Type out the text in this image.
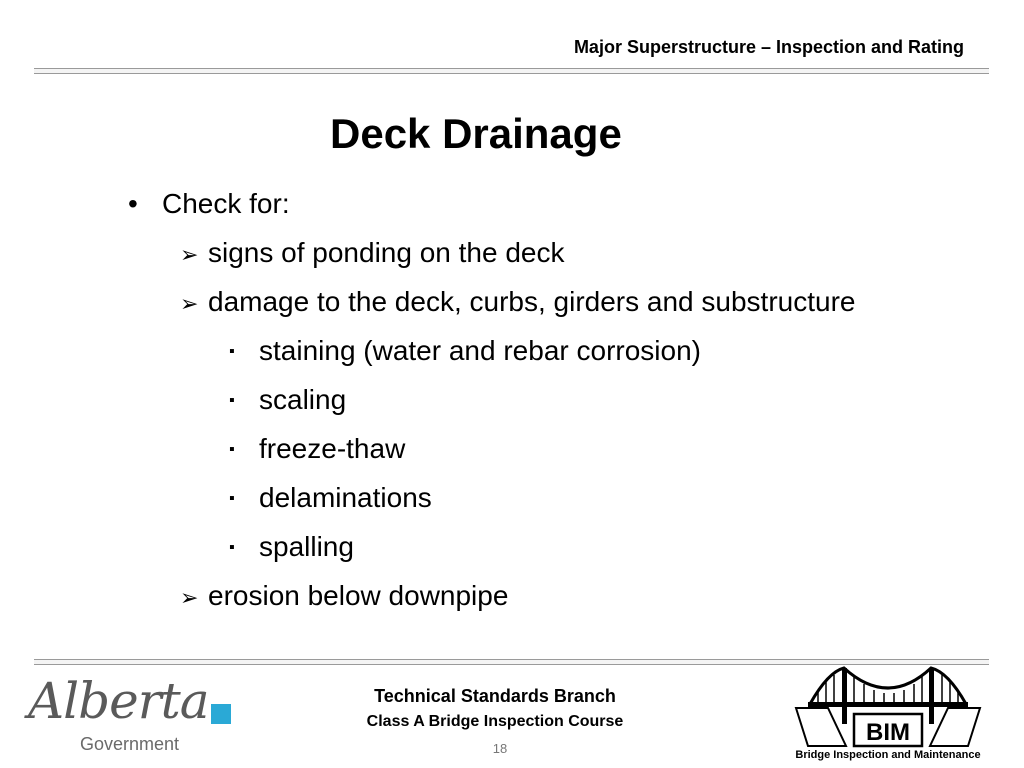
Major Superstructure – Inspection and Rating
Deck Drainage
• Check for:
➢ signs of ponding on the deck
➢ damage to the deck, curbs, girders and substructure
▪ staining (water and rebar corrosion)
▪ scaling
▪ freeze-thaw
▪ delaminations
▪ spalling
➢ erosion below downpipe
Alberta
Government
Technical Standards Branch
Class A Bridge Inspection Course
18
BIM
Bridge Inspection and Maintenance
